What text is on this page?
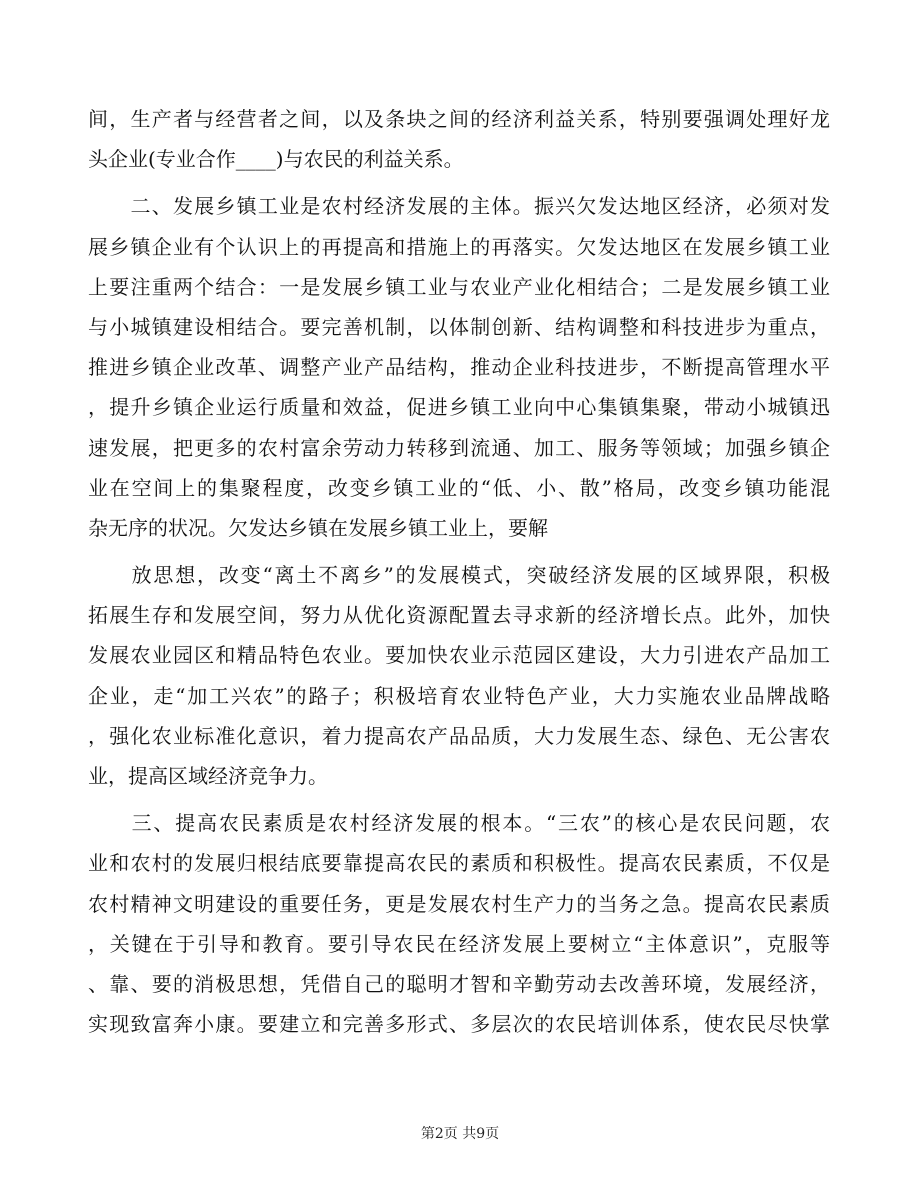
间，生产者与经营者之间，以及条块之间的经济利益关系，特别要强调处理好龙
头企业(专业合作____)与农民的利益关系。
　　二、发展乡镇工业是农村经济发展的主体。振兴欠发达地区经济，必须对发
展乡镇企业有个认识上的再提高和措施上的再落实。欠发达地区在发展乡镇工业
上要注重两个结合：一是发展乡镇工业与农业产业化相结合；二是发展乡镇工业
与小城镇建设相结合。要完善机制，以体制创新、结构调整和科技进步为重点，
推进乡镇企业改革、调整产业产品结构，推动企业科技进步，不断提高管理水平
，提升乡镇企业运行质量和效益，促进乡镇工业向中心集镇集聚，带动小城镇迅
速发展，把更多的农村富余劳动力转移到流通、加工、服务等领域；加强乡镇企
业在空间上的集聚程度，改变乡镇工业的“低、小、散”格局，改变乡镇功能混
杂无序的状况。欠发达乡镇在发展乡镇工业上，要解
　　放思想，改变“离土不离乡”的发展模式，突破经济发展的区域界限，积极
拓展生存和发展空间，努力从优化资源配置去寻求新的经济增长点。此外，加快
发展农业园区和精品特色农业。要加快农业示范园区建设，大力引进农产品加工
企业，走“加工兴农”的路子；积极培育农业特色产业，大力实施农业品牌战略
，强化农业标准化意识，着力提高农产品品质，大力发展生态、绿色、无公害农
业，提高区域经济竞争力。
　　三、提高农民素质是农村经济发展的根本。“三农”的核心是农民问题，农
业和农村的发展归根结底要靠提高农民的素质和积极性。提高农民素质，不仅是
农村精神文明建设的重要任务，更是发展农村生产力的当务之急。提高农民素质
，关键在于引导和教育。要引导农民在经济发展上要树立“主体意识”，克服等
、靠、要的消极思想，凭借自己的聪明才智和辛勤劳动去改善环境，发展经济，
实现致富奔小康。要建立和完善多形式、多层次的农民培训体系，使农民尽快掌
第2页 共9页
